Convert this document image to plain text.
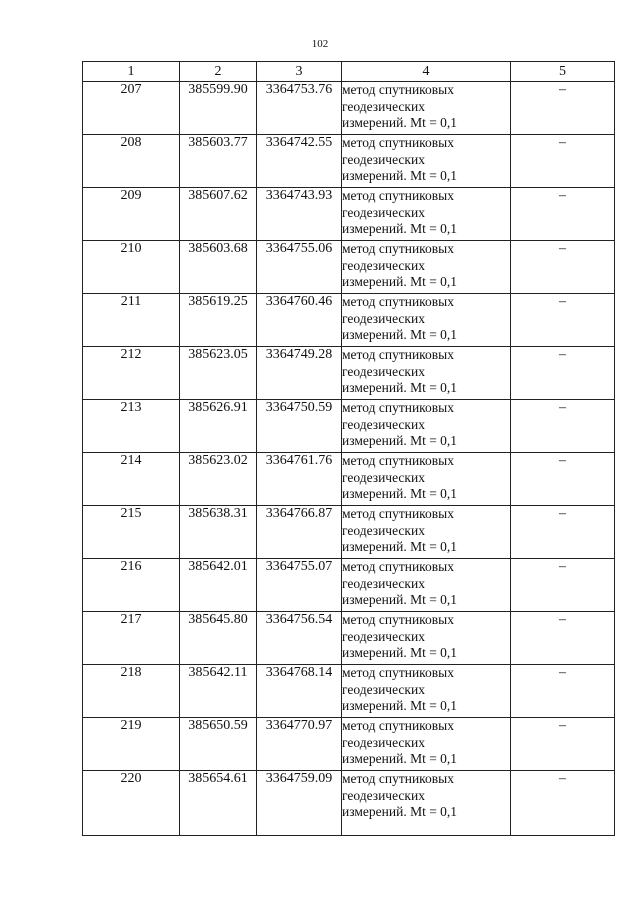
102
1	2	3	4	5
207	385599.90	3364753.76	метод спутниковых
геодезических
измерений. Mt = 0,1	–
208	385603.77	3364742.55	метод спутниковых
геодезических
измерений. Mt = 0,1	–
209	385607.62	3364743.93	метод спутниковых
геодезических
измерений. Mt = 0,1	–
210	385603.68	3364755.06	метод спутниковых
геодезических
измерений. Mt = 0,1	–
211	385619.25	3364760.46	метод спутниковых
геодезических
измерений. Mt = 0,1	–
212	385623.05	3364749.28	метод спутниковых
геодезических
измерений. Mt = 0,1	–
213	385626.91	3364750.59	метод спутниковых
геодезических
измерений. Mt = 0,1	–
214	385623.02	3364761.76	метод спутниковых
геодезических
измерений. Mt = 0,1	–
215	385638.31	3364766.87	метод спутниковых
геодезических
измерений. Mt = 0,1	–
216	385642.01	3364755.07	метод спутниковых
геодезических
измерений. Mt = 0,1	–
217	385645.80	3364756.54	метод спутниковых
геодезических
измерений. Mt = 0,1	–
218	385642.11	3364768.14	метод спутниковых
геодезических
измерений. Mt = 0,1	–
219	385650.59	3364770.97	метод спутниковых
геодезических
измерений. Mt = 0,1	–
220	385654.61	3364759.09	метод спутниковых
геодезических
измерений. Mt = 0,1	–
